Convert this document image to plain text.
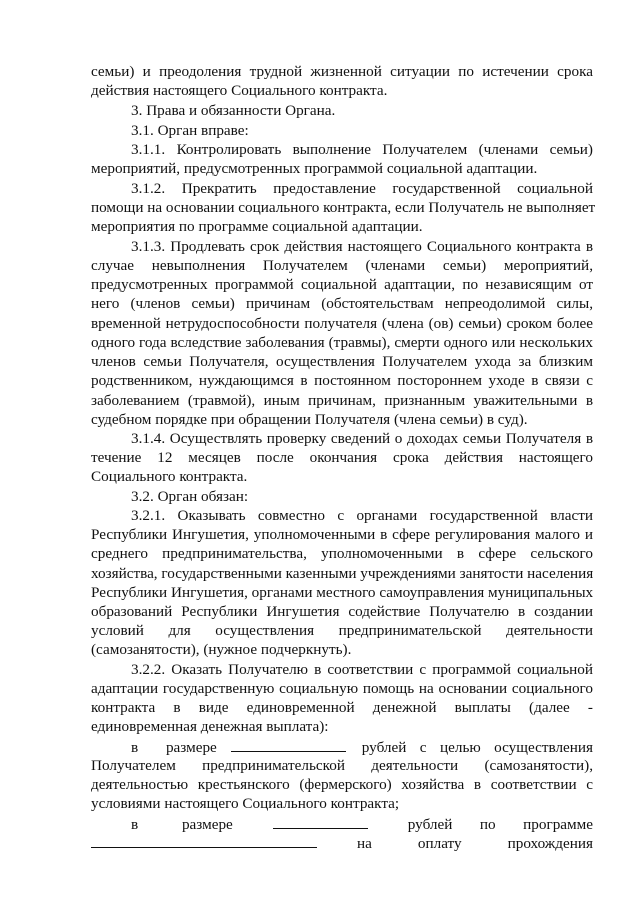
семьи) и преодоления трудной жизненной ситуации по истечении срока
действия настоящего Социального контракта.
3. Права и обязанности Органа.
3.1. Орган вправе:
3.1.1. Контролировать выполнение Получателем (членами семьи)
мероприятий, предусмотренных программой социальной адаптации.
3.1.2. Прекратить предоставление государственной социальной
помощи на основании социального контракта, если Получатель не выполняет
мероприятия по программе социальной адаптации.
3.1.3. Продлевать срок действия настоящего Социального контракта в
случае невыполнения Получателем (членами семьи) мероприятий,
предусмотренных программой социальной адаптации, по независящим от
него (членов семьи) причинам (обстоятельствам непреодолимой силы,
временной нетрудоспособности получателя (члена (ов) семьи) сроком более
одного года вследствие заболевания (травмы), смерти одного или нескольких
членов семьи Получателя, осуществления Получателем ухода за близким
родственником, нуждающимся в постоянном постороннем уходе в связи с
заболеванием (травмой), иным причинам, признанным уважительными в
судебном порядке при обращении Получателя (члена семьи) в суд).
3.1.4. Осуществлять проверку сведений о доходах семьи Получателя в
течение 12 месяцев после окончания срока действия настоящего
Социального контракта.
3.2. Орган обязан:
3.2.1. Оказывать совместно с органами государственной власти
Республики Ингушетия, уполномоченными в сфере регулирования малого и
среднего предпринимательства, уполномоченными в сфере сельского
хозяйства, государственными казенными учреждениями занятости населения
Республики Ингушетия, органами местного самоуправления муниципальных
образований Республики Ингушетия содействие Получателю в создании
условий для осуществления предпринимательской деятельности
(самозанятости), (нужное подчеркнуть).
3.2.2. Оказать Получателю в соответствии с программой социальной
адаптации государственную социальную помощь на основании социального
контракта в виде единовременной денежной выплаты (далее -
единовременная денежная выплата):
в размере	рублей с целью осуществления
Получателем предпринимательской деятельности (самозанятости),
деятельностью крестьянского (фермерского) хозяйства в соответствии с
условиями настоящего Социального контракта;
в размере	рублей по программе
на оплату прохождения
